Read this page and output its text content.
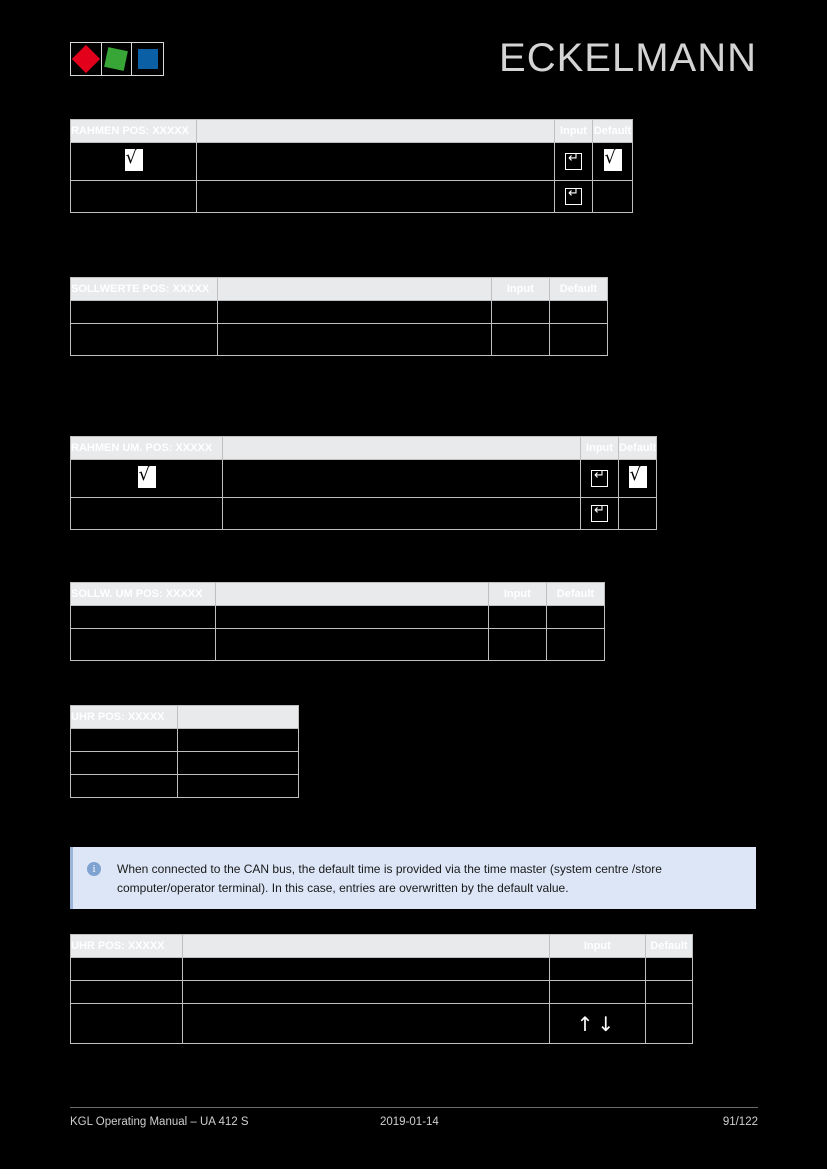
ECKELMANN
RAHMEN POS: XXXXX		Input	Default
√		↵	√
		↵	
SOLLWERTE POS: XXXXX		Input	Default

RAHMEN UM. POS: XXXXX		Input	Default
√		↵	√
		↵	
SOLLW. UM POS: XXXXX		Input	Default

UHR POS: XXXXX	

i	When connected to the CAN bus, the default time is provided via the time master (system centre /store computer/operator terminal). In this case, entries are overwritten by the default value.
UHR POS: XXXXX		Input	Default

		↑↓	
KGL Operating Manual – UA 412 S	2019-01-14	91/122
